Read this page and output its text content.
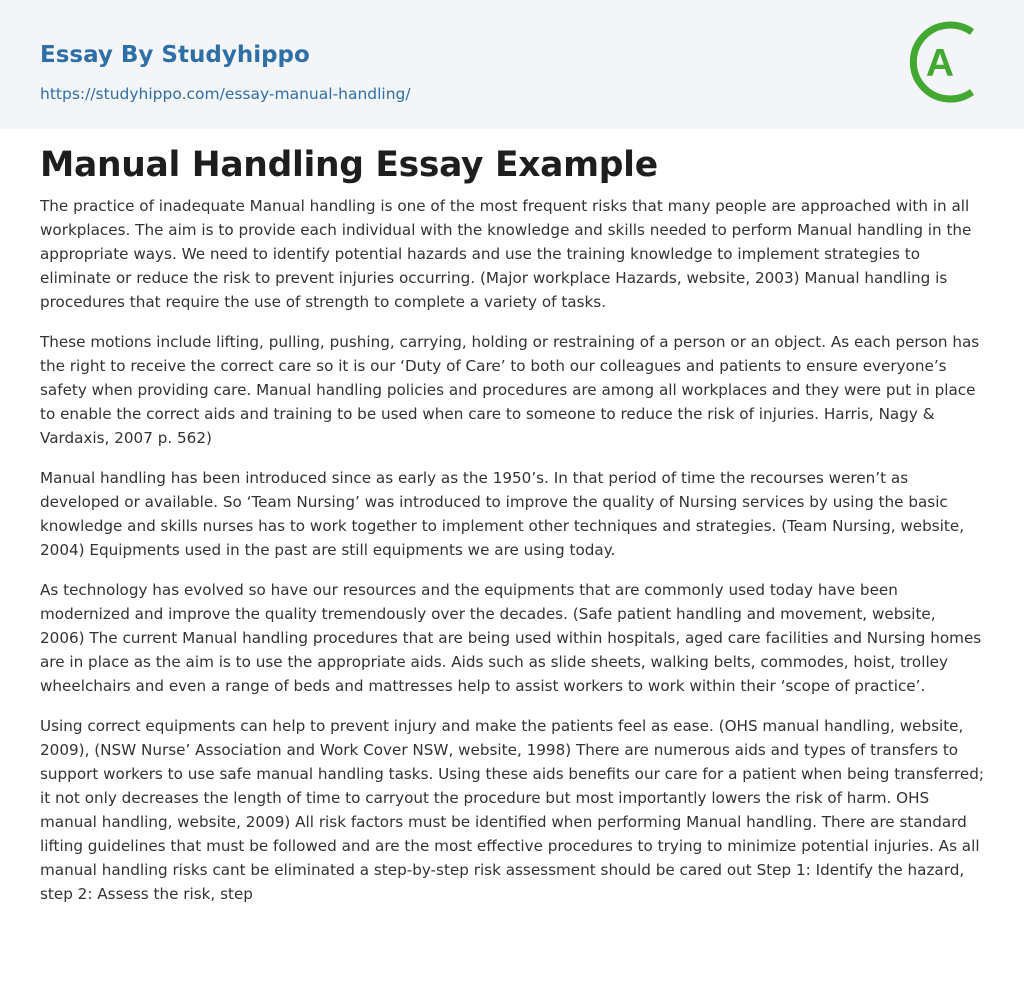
Essay By Studyhippo
https://studyhippo.com/essay-manual-handling/
A
Manual Handling Essay Example

The practice of inadequate Manual handling is one of the most frequent risks that many people are approached with in all workplaces. The aim is to provide each individual with the knowledge and skills needed to perform Manual handling in the appropriate ways. We need to identify potential hazards and use the training knowledge to implement strategies to eliminate or reduce the risk to prevent injuries occurring. (Major workplace Hazards, website, 2003) Manual handling is procedures that require the use of strength to complete a variety of tasks.

These motions include lifting, pulling, pushing, carrying, holding or restraining of a person or an object. As each person has the right to receive the correct care so it is our ‘Duty of Care’ to both our colleagues and patients to ensure everyone’s safety when providing care. Manual handling policies and procedures are among all workplaces and they were put in place to enable the correct aids and training to be used when care to someone to reduce the risk of injuries. Harris, Nagy & Vardaxis, 2007 p. 562)

Manual handling has been introduced since as early as the 1950’s. In that period of time the recourses weren’t as developed or available. So ‘Team Nursing’ was introduced to improve the quality of Nursing services by using the basic knowledge and skills nurses has to work together to implement other techniques and strategies. (Team Nursing, website, 2004) Equipments used in the past are still equipments we are using today.

As technology has evolved so have our resources and the equipments that are commonly used today have been modernized and improve the quality tremendously over the decades. (Safe patient handling and movement, website, 2006) The current Manual handling procedures that are being used within hospitals, aged care facilities and Nursing homes are in place as the aim is to use the appropriate aids. Aids such as slide sheets, walking belts, commodes, hoist, trolley wheelchairs and even a range of beds and mattresses help to assist workers to work within their ‘scope of practice’.

Using correct equipments can help to prevent injury and make the patients feel as ease. (OHS manual handling, website, 2009), (NSW Nurse’ Association and Work Cover NSW, website, 1998) There are numerous aids and types of transfers to support workers to use safe manual handling tasks. Using these aids benefits our care for a patient when being transferred; it not only decreases the length of time to carryout the procedure but most importantly lowers the risk of harm. OHS manual handling, website, 2009) All risk factors must be identified when performing Manual handling. There are standard lifting guidelines that must be followed and are the most effective procedures to trying to minimize potential injuries. As all manual handling risks cant be eliminated a step-by-step risk assessment should be cared out Step 1: Identify the hazard, step 2: Assess the risk, step
